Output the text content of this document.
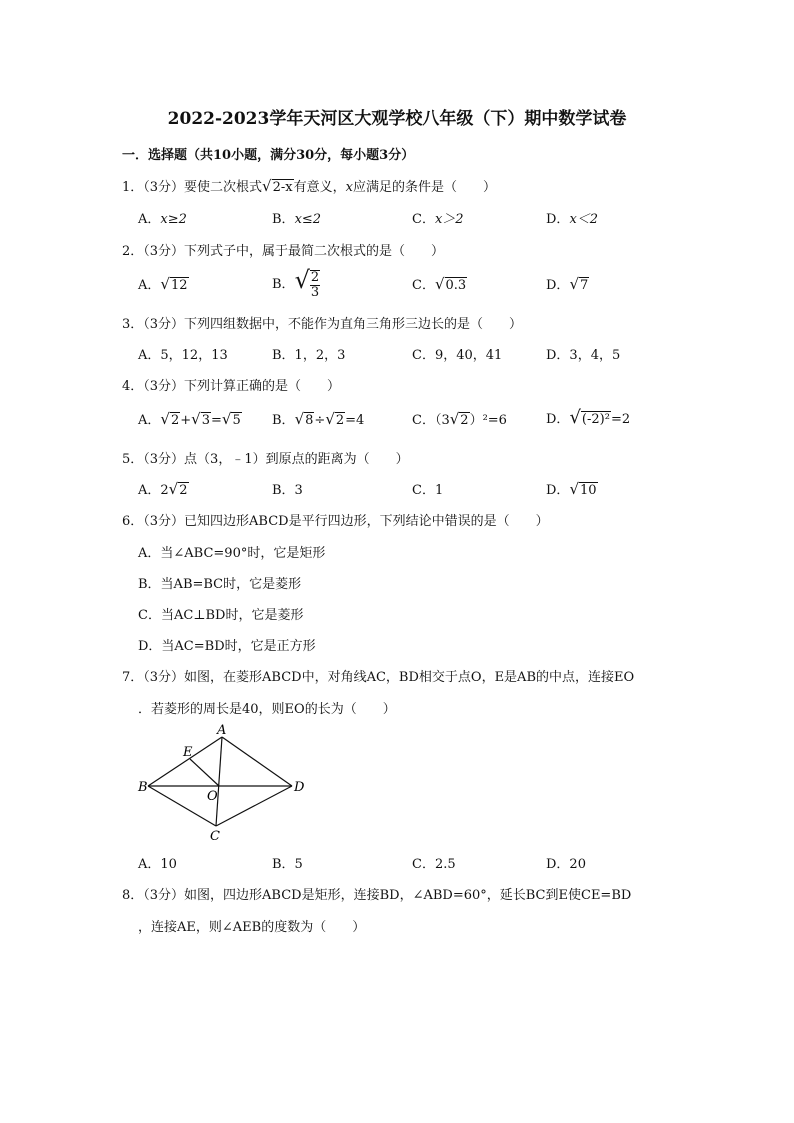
2022-2023学年天河区大观学校八年级（下）期中数学试卷
一．选择题（共10小题，满分30分，每小题3分）
1．（3分）要使二次根式√2-x有意义，x应满足的条件是（　　）
A．x≥2	B．x≤2	C．x＞2	D．x＜2
2．（3分）下列式子中，属于最简二次根式的是（　　）
A．√12	B．√ $\frac{2}{3}$	C．√0.3	D．√7
3．（3分）下列四组数据中，不能作为直角三角形三边长的是（　　）
A．5，12，13	B．1，2，3	C．9，40，41	D．3，4，5
4．（3分）下列计算正确的是（　　）
A．√2+√3=√5 B．√8÷√2=4	C．（3√2）²=6	D．√(-2)²=2
5．（3分）点（3，﹣1）到原点的距离为（　　）
A．2√2	B．3	C．1	D．√10
6．（3分）已知四边形ABCD是平行四边形，下列结论中错误的是（　　）
A．当∠ABC=90°时，它是矩形
B．当AB=BC时，它是菱形
C．当AC⊥BD时，它是菱形
D．当AC=BD时，它是正方形
7．（3分）如图，在菱形ABCD中，对角线AC，BD相交于点O，E是AB的中点，连接EO
．若菱形的周长是40，则EO的长为（　　）
A
B
C
D
E
O
A．10	B．5	C．2.5	D．20
8．（3分）如图，四边形ABCD是矩形，连接BD，∠ABD=60°，延长BC到E使CE=BD
，连接AE，则∠AEB的度数为（　　）
